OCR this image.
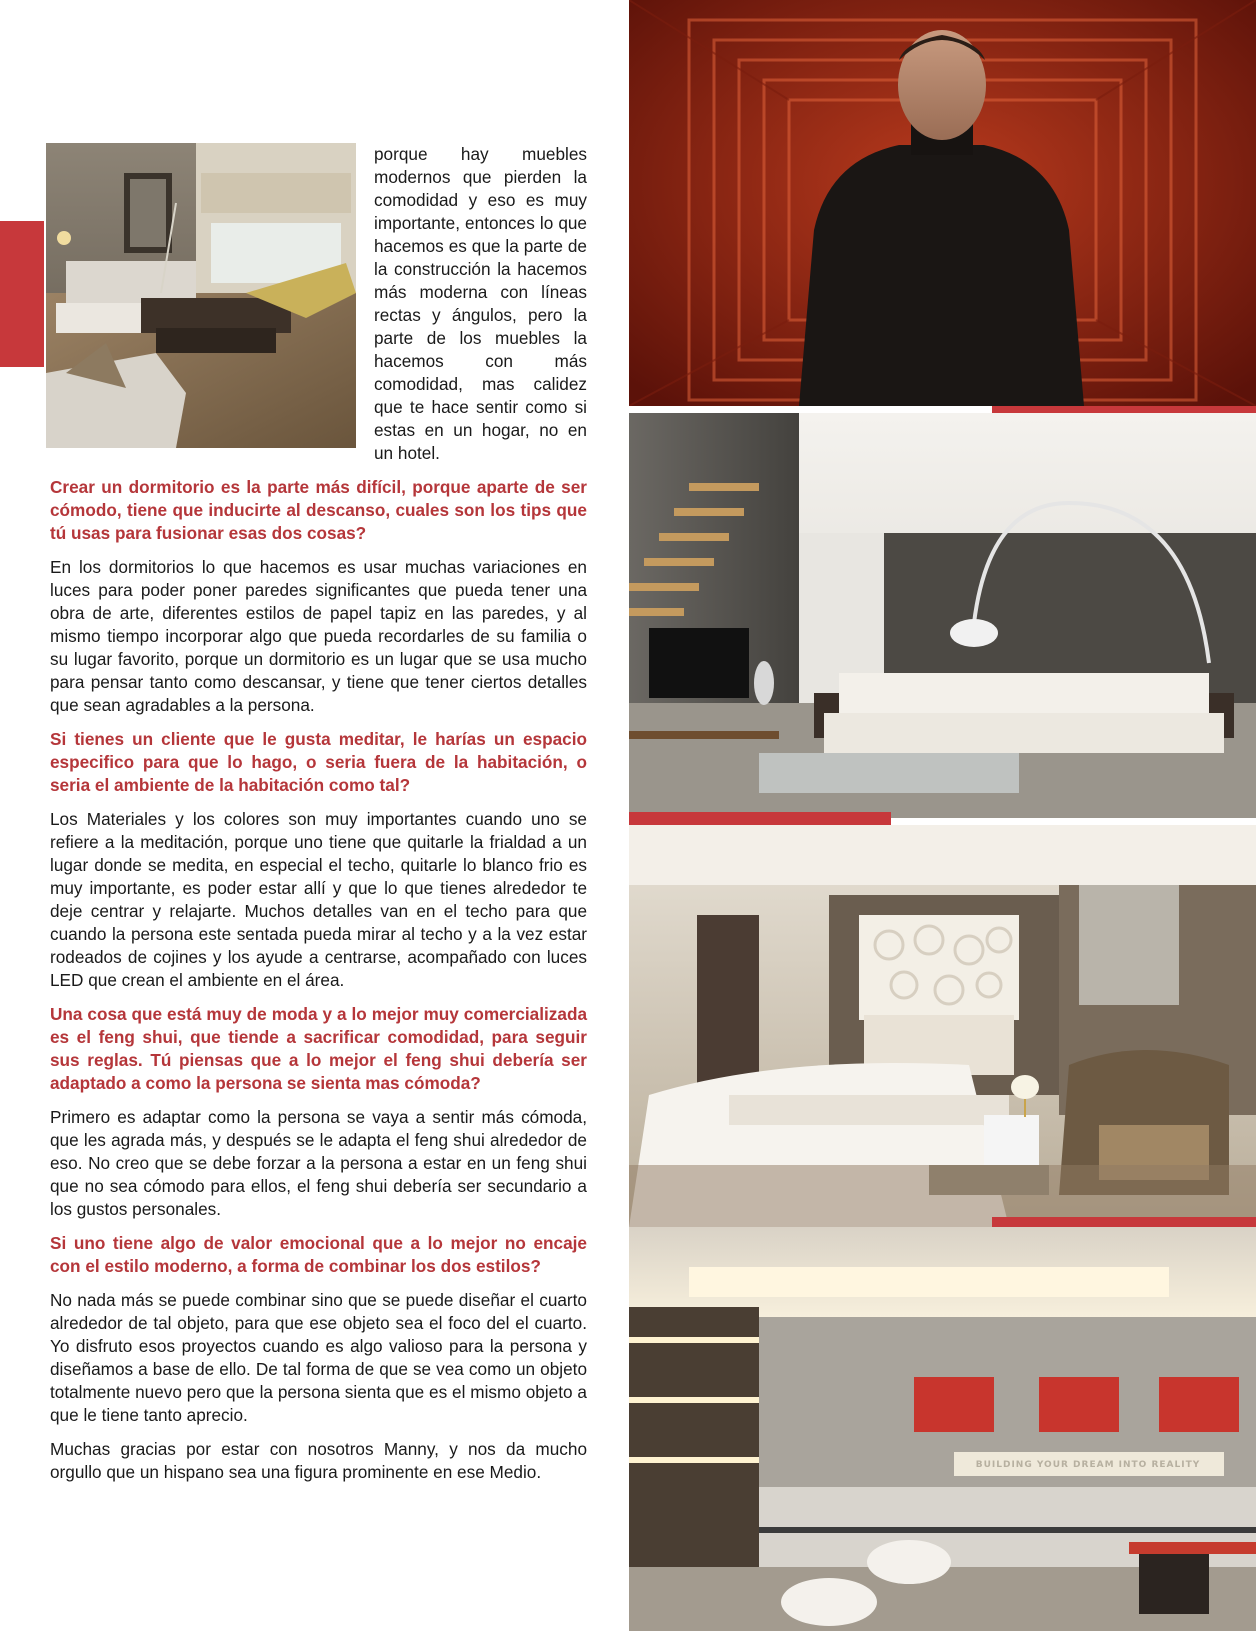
porque hay muebles modernos que pierden la comodidad y eso es muy importante, entonces lo que hacemos es que la parte de la construcción la hacemos más moderna con líneas rectas y ángulos, pero la parte de los muebles la hacemos con más comodidad, mas calidez que te hace sentir como si estas en un hogar, no en un hotel.

Crear un dormitorio es la parte más difícil, porque aparte de ser cómodo, tiene que inducirte al descanso, cuales son los tips que tú usas para fusionar esas dos cosas?

En los dormitorios lo que hacemos es usar muchas variaciones en luces para poder poner paredes significantes que pueda tener una obra de arte, diferentes estilos de papel tapiz en las paredes, y al mismo tiempo incorporar algo que pueda recordarles de su familia o su lugar favorito, porque un dormitorio es un lugar que se usa mucho para pensar tanto como descansar, y tiene que tener ciertos detalles que sean agradables a la persona.

Si tienes un cliente que le gusta meditar, le harías un espacio especifico para que lo hago, o seria fuera de la habitación, o seria el ambiente de la habitación como tal?

Los Materiales y los colores son muy importantes cuando uno se refiere a la meditación, porque uno tiene que quitarle la frialdad a un lugar donde se medita, en especial el techo, quitarle lo blanco frio es muy importante, es poder estar allí y que lo que tienes alrededor te deje centrar y relajarte. Muchos detalles van en el techo para que cuando la persona este sentada pueda mirar al techo y a la vez estar rodeados de cojines y los ayude a centrarse, acompañado con luces LED que crean el ambiente en el área.

Una cosa que está muy de moda y a lo mejor muy comercializada es el feng shui, que tiende a sacrificar comodidad, para seguir sus reglas. Tú piensas que a lo mejor el feng shui debería ser adaptado a como la persona se sienta mas cómoda?

Primero es adaptar como la persona se vaya a sentir más cómoda, que les agrada más, y después se le adapta el feng shui alrededor de eso. No creo que se debe forzar a la persona a estar en un feng shui que no sea cómodo para ellos, el feng shui debería ser secundario a los gustos personales.

Si uno tiene algo de valor emocional que a lo mejor no encaje con el estilo moderno, a forma de combinar los dos estilos?

No nada más se puede combinar sino que se puede diseñar el cuarto alrededor de tal objeto, para que ese objeto sea el foco del el cuarto. Yo disfruto esos proyectos cuando es algo valioso para la persona y diseñamos a base de ello. De tal forma de que se vea como un objeto totalmente nuevo pero que la persona sienta que es el mismo objeto a que le tiene tanto aprecio.

Muchas gracias por estar con nosotros Manny, y nos da mucho orgullo que un hispano sea una figura prominente en ese Medio.	BUILDING YOUR DREAM INTO REALITY
